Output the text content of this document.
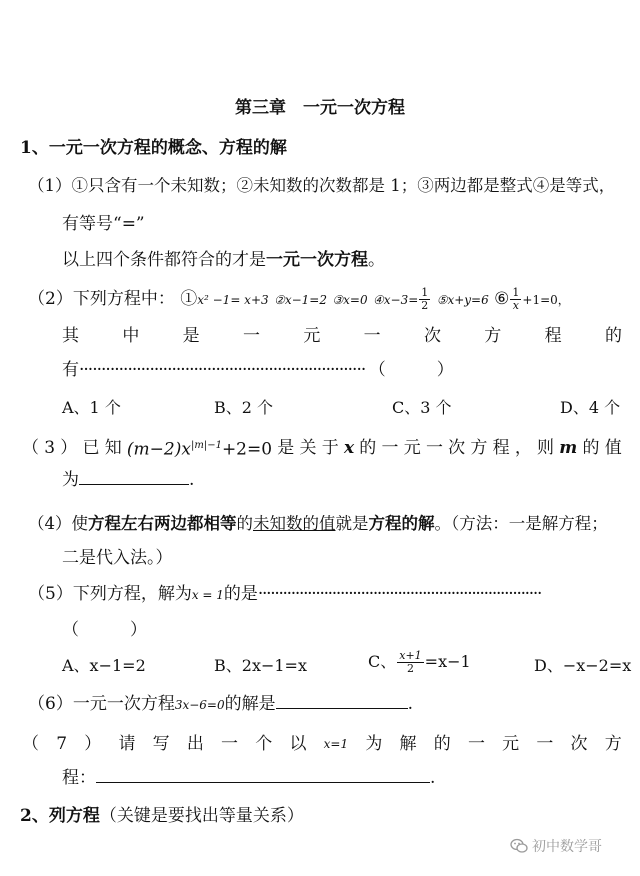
第三章　一元一次方程
1、一元一次方程的概念、方程的解
（1）①只含有一个未知数；②未知数的次数都是 1；③两边都是整式④是等式，
有等号“=”
以上四个条件都符合的才是一元一次方程。
（2）下列方程中： ①x² −1= x+3 ②x−1=2 ③x=0 ④x−3= $\frac{1}{2}$ ⑤x+y=6 ⑥ $\frac{1}{x} +1=0$，
其	中	是	一	元	一	次	方	程	的
有································································· （　　　）
A、1 个	B、2 个	C、3 个	D、4 个
（ 3 ） 已 知 $(m-2)x^{|m|-1}+2=0$ 是 关 于 x 的 一 元 一 次 方 程 ， 则 m 的 值
为	.
（4）使方程左右两边都相等的未知数的值就是方程的解。（方法：一是解方程；
二是代入法。）
（5）下列方程，解为x = 1的是·····································································
（　　　）
A、x−1=2	B、2x−1=x	C、 $\frac{x+1}{2} =x-1$	D、−x−2=x
（6）一元一次方程3x−6=0的解是	.
（ 7 ） 请 写 出 一 个 以 x=1 为 解 的 一 元 一 次 方
程：	.
2、列方程（关键是要找出等量关系）
初中数学哥
